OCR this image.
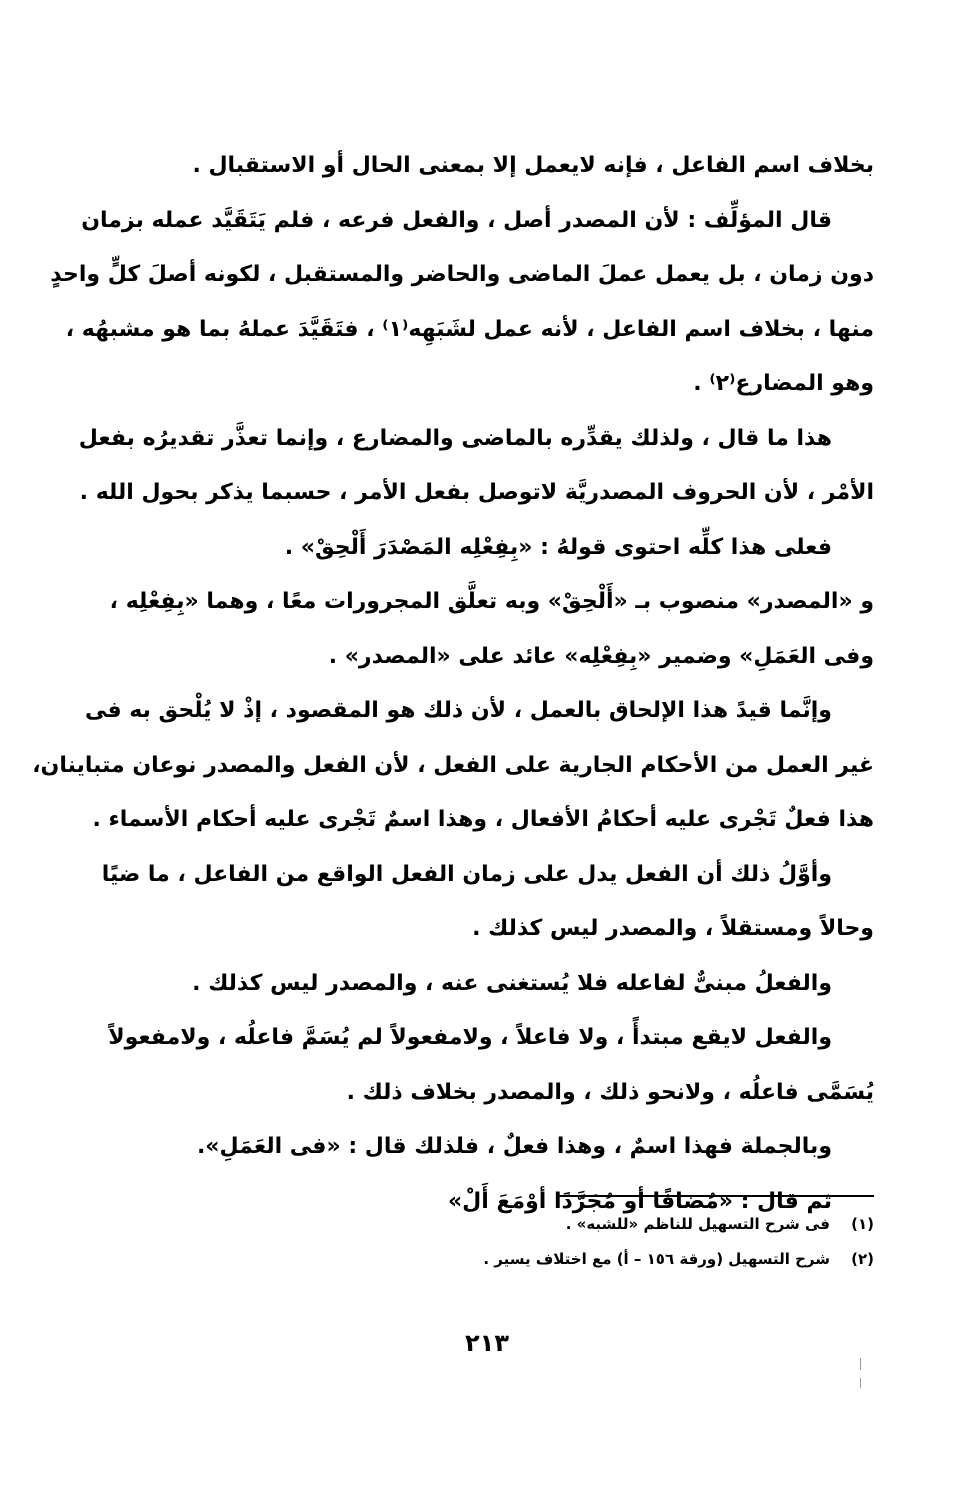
بخلاف اسم الفاعل ، فإنه لايعمل إلا بمعنى الحال أو الاستقبال .
قال المؤلِّف : لأن المصدر أصل ، والفعل فرعه ، فلم يَتَقَيَّد عمله بزمان
دون زمان ، بل يعمل عملَ الماضى والحاضر والمستقبل ، لكونه أصلَ كلٍّ واحدٍ
منها ، بخلاف اسم الفاعل ، لأنه عمل لشَبَهِه⁽١⁾ ، فتَقَيَّدَ عملهُ بما هو مشبهُه ،
وهو المضارع⁽٢⁾ .
هذا ما قال ، ولذلك يقدِّره بالماضى والمضارع ، وإنما تعذَّر تقديرُه بفعل
الأمْر ، لأن الحروف المصدريَّة لاتوصل بفعل الأمر ، حسبما يذكر بحول الله .
فعلى هذا كلِّه احتوى قولهُ : «بِفِعْلِه المَصْدَرَ أَلْحِقْ» .
و «المصدر» منصوب بـ «أَلْحِقْ» وبه تعلَّق المجرورات معًا ، وهما «بِفِعْلِه ،
وفى العَمَلِ» وضمير «بِفِعْلِه» عائد على «المصدر» .
وإنَّما قيدً هذا الإلحاق بالعمل ، لأن ذلك هو المقصود ، إذْ لا يُلْحق به فى
غير العمل من الأحكام الجارية على الفعل ، لأن الفعل والمصدر نوعان متباينان،
هذا فعلٌ تَجْرى عليه أحكامُ الأفعال ، وهذا اسمٌ تَجْرى عليه أحكام الأسماء .
وأوَّلُ ذلك أن الفعل يدل على زمان الفعل الواقع من الفاعل ، ما ضيًا
وحالاً ومستقلاً ، والمصدر ليس كذلك .
والفعلُ مبنىٌّ لفاعله فلا يُستغنى عنه ، والمصدر ليس كذلك .
والفعل لايقع مبتدأً ، ولا فاعلاً ، ولامفعولاً لم يُسَمَّ فاعلُه ، ولامفعولاً
يُسَمَّى فاعلُه ، ولانحو ذلك ، والمصدر بخلاف ذلك .
وبالجملة فهذا اسمٌ ، وهذا فعلٌ ، فلذلك قال : «فى العَمَلِ».
ثم قال : «مُضافًا أو مُجَرَّدًا أوْمَعَ أَلْ»
(١)فى شرح التسهيل للناظم «للشبه» .
(٢)شرح التسهيل (ورقة ١٥٦ – أ) مع اختلاف يسير .
٢١٣
